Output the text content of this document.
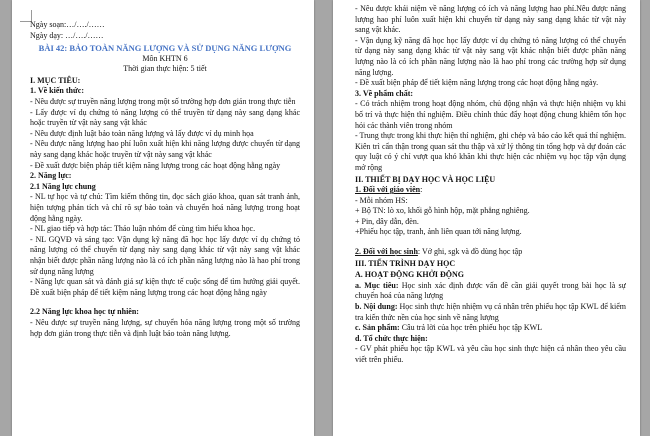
Ngày soạn:…/…./……
Ngày dạy: …/…./……
BÀI 42: BẢO TOÀN NĂNG LƯỢNG VÀ SỬ DỤNG NĂNG LƯỢNG
Môn KHTN 6
Thời gian thực hiện: 5 tiết
I. MỤC TIÊU:
1. Về kiến thức:
- Nêu được sự truyền năng lượng trong một số trường hợp đơn giản trong thực tiễn
- Lấy được ví dụ chứng tỏ năng lượng có thể truyền từ dạng này sang dạng khác hoặc truyền từ vật này sang vật khác
- Nêu được định luật bảo toàn năng lượng và lấy được ví dụ minh họa
- Nêu được năng lượng hao phí luôn xuất hiện khi năng lượng được chuyển từ dạng này sang dạng khác hoặc truyền từ vật này sang vật khác
- Đề xuất được biện pháp tiết kiệm năng lượng trong các hoạt động hằng ngày
2. Năng lực:
2.1 Năng lực chung
- NL tự học và tự chủ: Tìm kiếm thông tin, đọc sách giáo khoa, quan sát tranh ảnh, hiện tượng phản tích và chỉ rõ sự bảo toàn và chuyển hoá năng lượng trong hoạt động hằng ngày.
- NL giao tiếp và hợp tác: Thảo luận nhóm để cùng tìm hiểu khoa học.
- NL GQVĐ và sáng tạo: Vận dụng kỹ năng đã học học lấy được ví dụ chứng tỏ năng lượng có thể chuyển từ dạng này sang dạng khác từ vật này sang vật khác nhận biết được phần năng lượng nào là có ích phần năng lượng nào là hao phí trong sử dụng năng lượng
- Năng lực quan sát và đánh giá sự kiện thực tế cuộc sống để tìm hướng giải quyết. Đề xuất biện pháp để tiết kiệm năng lượng trong các hoạt động hằng ngày
2.2 Năng lực khoa học tự nhiên:
- Nêu được sự truyền năng lượng, sự chuyển hóa năng lượng trong một số trường hợp đơn giản trong thực tiễn và định luật bảo toàn năng lượng.
- Nêu được khái niệm về năng lượng có ích và năng lượng hao phí.Nêu được năng lượng hao phí luôn xuất hiện khi chuyển từ dạng này sang dạng khác từ vật này sang vật khác.
- Vận dụng kỹ năng đã học học lấy được ví dụ chứng tỏ năng lượng có thể chuyển từ dạng này sang dạng khác từ vật này sang vật khác nhận biết được phần năng lượng nào là có ích phần năng lượng nào là hao phí trong các trường hợp sử dụng năng lượng.
- Đề xuất biện pháp để tiết kiệm năng lượng trong các hoạt động hằng ngày.
3. Về phẩm chất:
- Có trách nhiệm trong hoạt động nhóm, chủ động nhận và thực hiện nhiệm vụ khi bố trí và thực hiện thí nghiệm. Điều chỉnh thúc đẩy hoạt động chung khiêm tốn học hỏi các thành viên trong nhóm
- Trung thực trong khi thực hiện thí nghiệm, ghi chép và báo cáo kết quả thí nghiệm. Kiên trì cẩn thận trong quan sát thu thập và xử lý thông tin tổng hợp và dự đoán các quy luật có ý chí vượt qua khó khăn khi thực hiện các nhiệm vụ học tập vận dụng mở rộng
II. THIẾT BỊ DẠY HỌC VÀ HỌC LIỆU
1. Đối với giáo viên:
- Mỗi nhóm HS:
+ Bộ TN: lò xo, khối gỗ hình hộp, mặt phẳng nghiêng.
+ Pin, dây dẫn, đèn.
+Phiếu học tập, tranh, ảnh liên quan tới năng lượng.
2. Đối với học sinh: Vở ghi, sgk và đồ dùng học tập
III. TIẾN TRÌNH DẠY HỌC
A. HOẠT ĐỘNG KHỞI ĐỘNG
a. Mục tiêu: Học sinh xác định được vấn đề cần giải quyết trong bài học là sự chuyển hoá của năng lượng
b. Nội dung: Học sinh thực hiện nhiệm vụ cá nhân trên phiếu học tập KWL để kiểm tra kiến thức nền của học sinh về năng lượng
c. Sản phẩm: Câu trả lời của học trên phiếu học tập KWL
d. Tổ chức thực hiện:
- GV phát phiếu học tập KWL và yêu cầu học sinh thực hiện cá nhân theo yêu cầu viết trên phiếu.
